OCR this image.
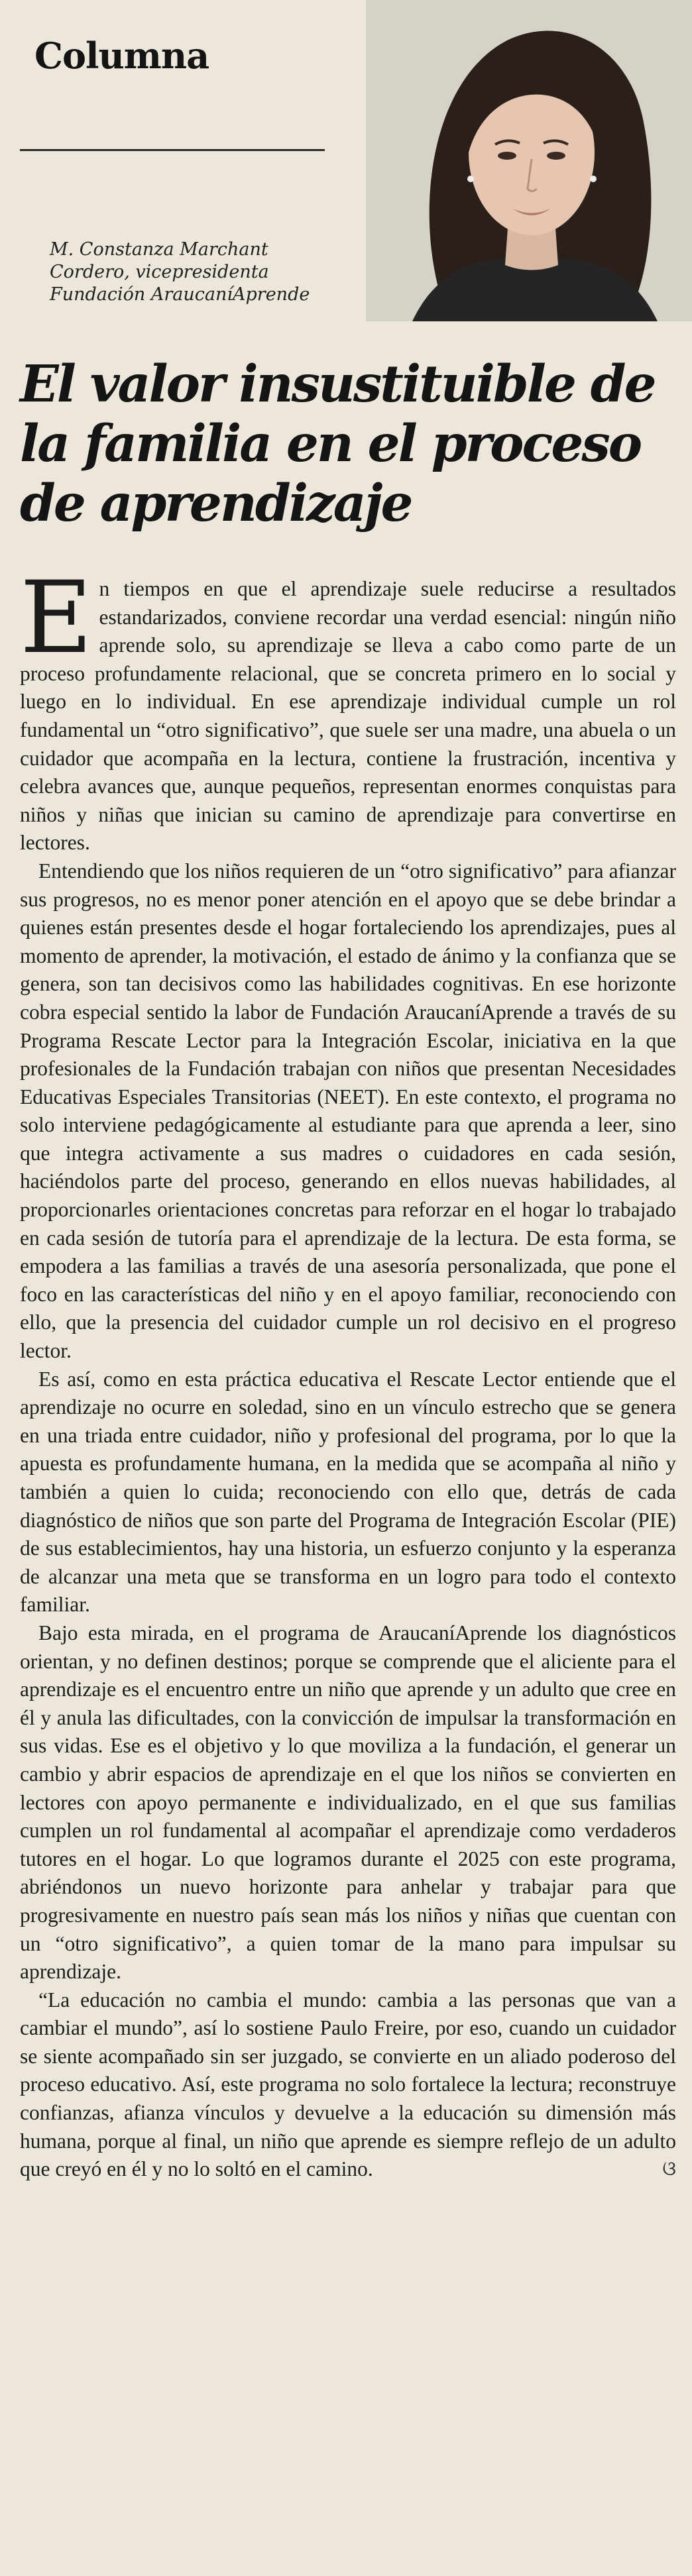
Columna
M. Constanza Marchant Cordero, vicepresidenta Fundación AraucaníAprende
El valor insustituible de la familia en el proceso de aprendizaje

En tiempos en que el aprendizaje suele reducirse a resultados estandarizados, conviene recordar una verdad esencial: ningún niño aprende solo, su aprendizaje se lleva a cabo como parte de un proceso profundamente relacional, que se concreta primero en lo social y luego en lo individual. En ese aprendizaje individual cumple un rol fundamental un “otro significativo”, que suele ser una madre, una abuela o un cuidador que acompaña en la lectura, contiene la frustración, incentiva y celebra avances que, aunque pequeños, representan enormes conquistas para niños y niñas que inician su camino de aprendizaje para convertirse en lectores.

Entendiendo que los niños requieren de un “otro significativo” para afianzar sus progresos, no es menor poner atención en el apoyo que se debe brindar a quienes están presentes desde el hogar fortaleciendo los aprendizajes, pues al momento de aprender, la motivación, el estado de ánimo y la confianza que se genera, son tan decisivos como las habilidades cognitivas. En ese horizonte cobra especial sentido la labor de Fundación AraucaníAprende a través de su Programa Rescate Lector para la Integración Escolar, iniciativa en la que profesionales de la Fundación trabajan con niños que presentan Necesidades Educativas Especiales Transitorias (NEET). En este contexto, el programa no solo interviene pedagógicamente al estudiante para que aprenda a leer, sino que integra activamente a sus madres o cuidadores en cada sesión, haciéndolos parte del proceso, generando en ellos nuevas habilidades, al proporcionarles orientaciones concretas para reforzar en el hogar lo trabajado en cada sesión de tutoría para el aprendizaje de la lectura. De esta forma, se empodera a las familias a través de una asesoría personalizada, que pone el foco en las características del niño y en el apoyo familiar, reconociendo con ello, que la presencia del cuidador cumple un rol decisivo en el progreso lector.

Es así, como en esta práctica educativa el Rescate Lector entiende que el aprendizaje no ocurre en soledad, sino en un vínculo estrecho que se genera en una triada entre cuidador, niño y profesional del programa, por lo que la apuesta es profundamente humana, en la medida que se acompaña al niño y también a quien lo cuida; reconociendo con ello que, detrás de cada diagnóstico de niños que son parte del Programa de Integración Escolar (PIE) de sus establecimientos, hay una historia, un esfuerzo conjunto y la esperanza de alcanzar una meta que se transforma en un logro para todo el contexto familiar.

Bajo esta mirada, en el programa de AraucaníAprende los diagnósticos orientan, y no definen destinos; porque se comprende que el aliciente para el aprendizaje es el encuentro entre un niño que aprende y un adulto que cree en él y anula las dificultades, con la convicción de impulsar la transformación en sus vidas. Ese es el objetivo y lo que moviliza a la fundación, el generar un cambio y abrir espacios de aprendizaje en el que los niños se convierten en lectores con apoyo permanente e individualizado, en el que sus familias cumplen un rol fundamental al acompañar el aprendizaje como verdaderos tutores en el hogar. Lo que logramos durante el 2025 con este programa, abriéndonos un nuevo horizonte para anhelar y trabajar para que progresivamente en nuestro país sean más los niños y niñas que cuentan con un “otro significativo”, a quien tomar de la mano para impulsar su aprendizaje.

“La educación no cambia el mundo: cambia a las personas que van a cambiar el mundo”, así lo sostiene Paulo Freire, por eso, cuando un cuidador se siente acompañado sin ser juzgado, se convierte en un aliado poderoso del proceso educativo. Así, este programa no solo fortalece la lectura; reconstruye confianzas, afianza vínculos y devuelve a la educación su dimensión más humana, porque al final, un niño que aprende es siempre reflejo de un adulto que creyó en él y no lo soltó en el camino.	ଓ
